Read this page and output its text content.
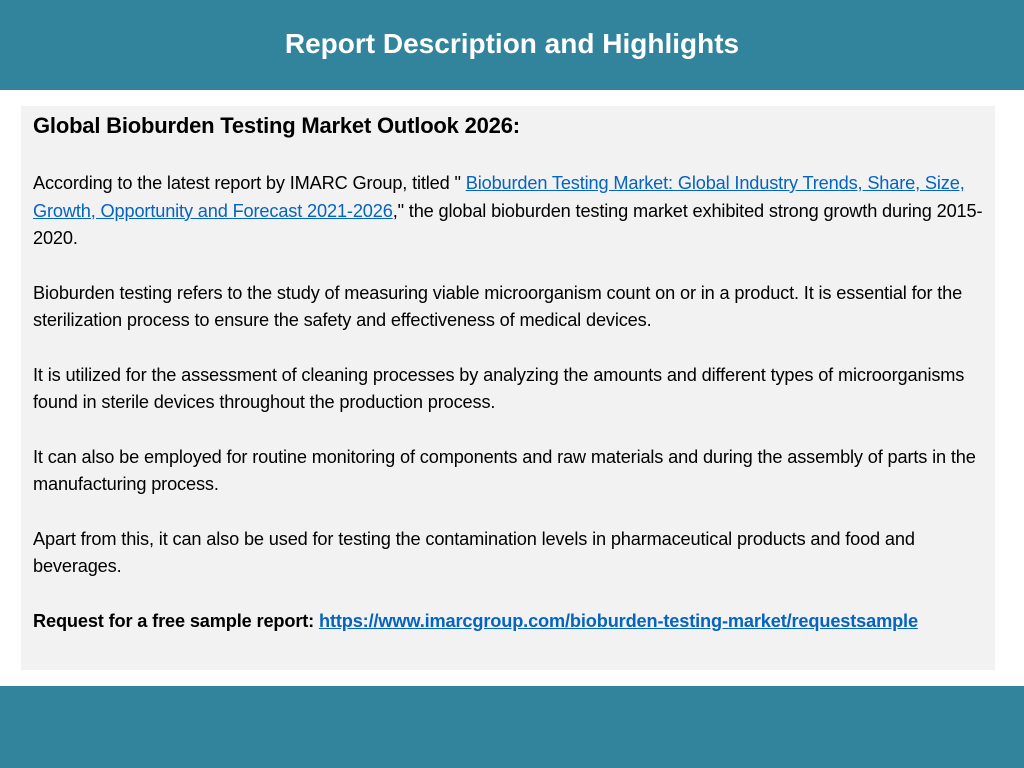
Report Description and Highlights
Global Bioburden Testing Market Outlook 2026:

According to the latest report by IMARC Group, titled " Bioburden Testing Market: Global Industry Trends, Share, Size, Growth, Opportunity and Forecast 2021-2026," the global bioburden testing market exhibited strong growth during 2015-2020.

Bioburden testing refers to the study of measuring viable microorganism count on or in a product. It is essential for the sterilization process to ensure the safety and effectiveness of medical devices.

It is utilized for the assessment of cleaning processes by analyzing the amounts and different types of microorganisms found in sterile devices throughout the production process.

It can also be employed for routine monitoring of components and raw materials and during the assembly of parts in the manufacturing process.

Apart from this, it can also be used for testing the contamination levels in pharmaceutical products and food and beverages.

Request for a free sample report: https://www.imarcgroup.com/bioburden-testing-market/requestsample
